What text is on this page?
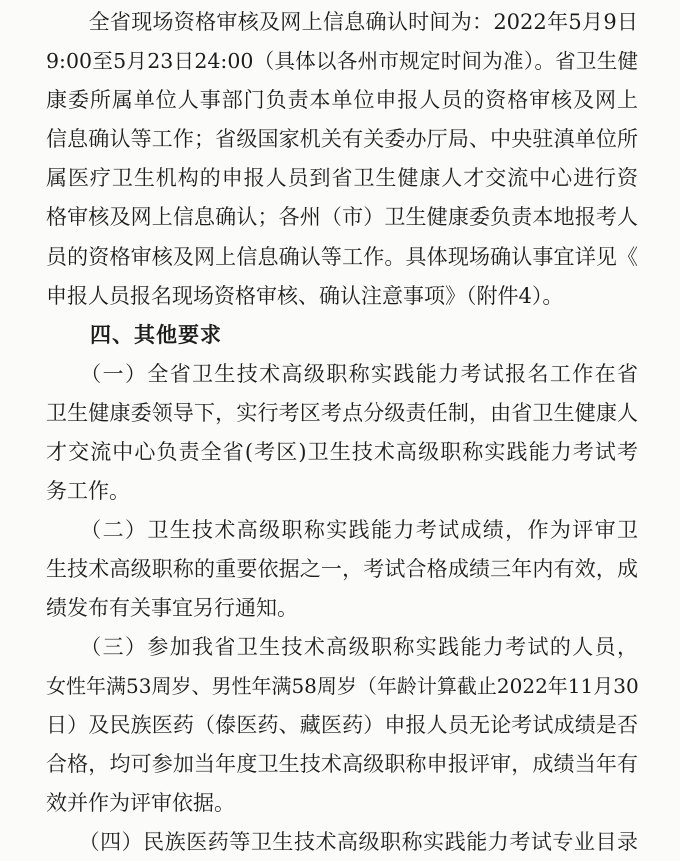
　　全省现场资格审核及网上信息确认时间为：2022年5月9日
9:00至5月23日24:00（具体以各州市规定时间为准）。省卫生健
康委所属单位人事部门负责本单位申报人员的资格审核及网上
信息确认等工作；省级国家机关有关委办厅局、中央驻滇单位所
属医疗卫生机构的申报人员到省卫生健康人才交流中心进行资
格审核及网上信息确认；各州（市）卫生健康委负责本地报考人
员的资格审核及网上信息确认等工作。具体现场确认事宜详见《
申报人员报名现场资格审核、确认注意事项》（附件4）。
　　四、其他要求
　　（一）全省卫生技术高级职称实践能力考试报名工作在省
卫生健康委领导下，实行考区考点分级责任制，由省卫生健康人
才交流中心负责全省(考区)卫生技术高级职称实践能力考试考
务工作。
　　（二）卫生技术高级职称实践能力考试成绩，作为评审卫
生技术高级职称的重要依据之一，考试合格成绩三年内有效，成
绩发布有关事宜另行通知。
　　（三）参加我省卫生技术高级职称实践能力考试的人员，
女性年满53周岁、男性年满58周岁（年龄计算截止2022年11月30
日）及民族医药（傣医药、藏医药）申报人员无论考试成绩是否
合格，均可参加当年度卫生技术高级职称申报评审，成绩当年有
效并作为评审依据。
　　（四）民族医药等卫生技术高级职称实践能力考试专业目录
